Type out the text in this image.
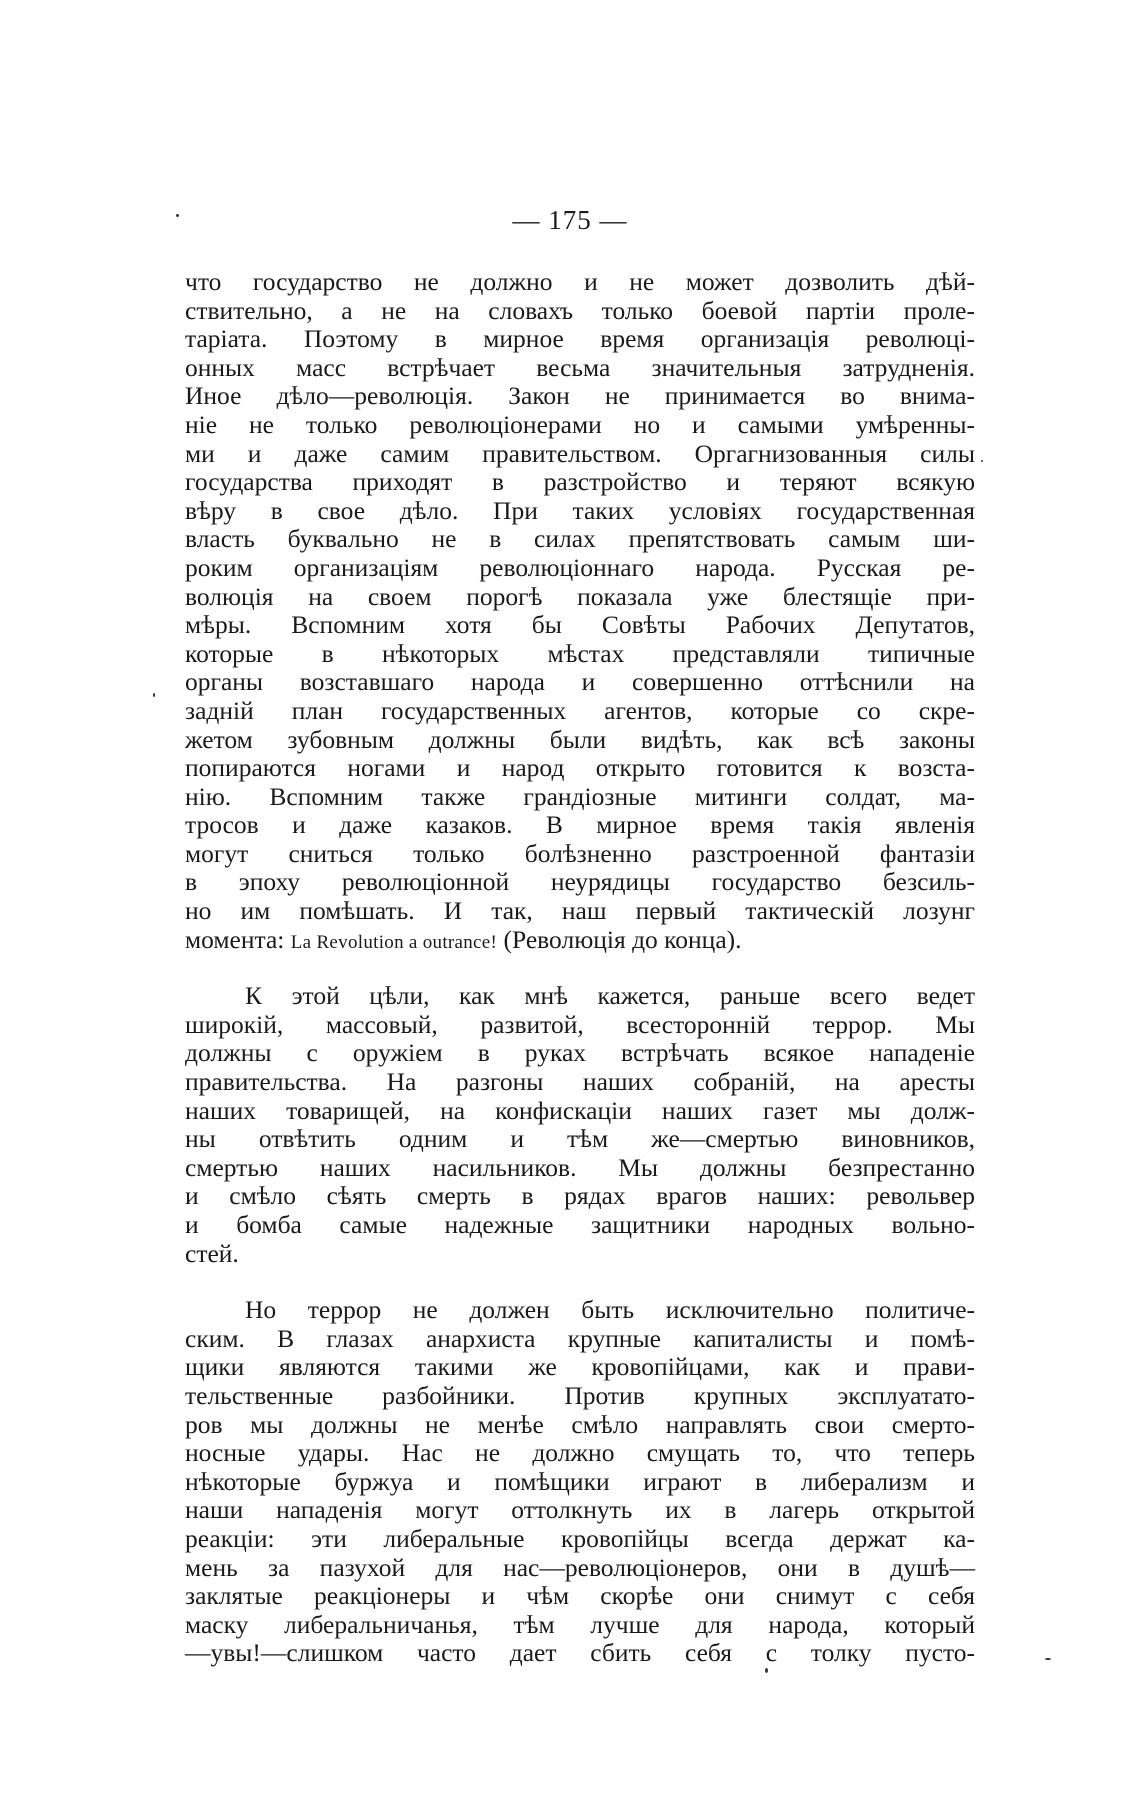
— 175 —
что государство не должно и не может дозволить дѣй-
ствительно, а не на словахъ только боевой партіи проле-
таріата. Поэтому в мирное время организація революці-
онных масс встрѣчает весьма значительныя затрудненія.
Иное дѣло—революція. Закон не принимается во внима-
ніе не только революціонерами но и самыми умѣренны-
ми и даже самим правительством. Оргагнизованныя силы
государства приходят в разстройство и теряют всякую
вѣру в свое дѣло. При таких условіях государственная
власть буквально не в силах препятствовать самым ши-
роким организаціям революціоннаго народа. Русская ре-
волюція на своем порогѣ показала уже блестящіе при-
мѣры. Вспомним хотя бы Совѣты Рабочих Депутатов,
которые в нѣкоторых мѣстах представляли типичные
органы возставшаго народа и совершенно оттѣснили на
задній план государственных агентов, которые со скре-
жетом зубовным должны были видѣть, как всѣ законы
попираются ногами и народ открыто готовится к возста-
нію. Вспомним также грандіозные митинги солдат, ма-
тросов и даже казаков. В мирное время такія явленія
могут сниться только болѣзненно разстроенной фантазіи
в эпоху революціонной неурядицы государство безсиль-
но им помѣшать. И так, наш первый тактическій лозунг
момента: La Revolution a outrance! (Революція до конца).
К этой цѣли, как мнѣ кажется, раньше всего ведет
широкій, массовый, развитой, всесторонній террор. Мы
должны с оружіем в руках встрѣчать всякое нападеніе
правительства. На разгоны наших собраній, на аресты
наших товарищей, на конфискаціи наших газет мы долж-
ны отвѣтить одним и тѣм же—смертью виновников,
смертью наших насильников. Мы должны безпрестанно
и смѣло сѣять смерть в рядах врагов наших: револьвер
и бомба самые надежные защитники народных вольно-
стей.
Но террор не должен быть исключительно политиче-
ским. В глазах анархиста крупные капиталисты и помѣ-
щики являются такими же кровопійцами, как и прави-
тельственные разбойники. Против крупных эксплуатато-
ров мы должны не менѣе смѣло направлять свои смерто-
носные удары. Нас не должно смущать то, что теперь
нѣкоторые буржуа и помѣщики играют в либерализм и
наши нападенія могут оттолкнуть их в лагерь открытой
реакціи: эти либеральные кровопійцы всегда держат ка-
мень за пазухой для нас—революціонеров, они в душѣ—
заклятые реакціонеры и чѣм скорѣе они снимут с себя
маску либеральничанья, тѣм лучше для народа, который
—увы!—слишком часто дает сбить себя с толку пусто-
